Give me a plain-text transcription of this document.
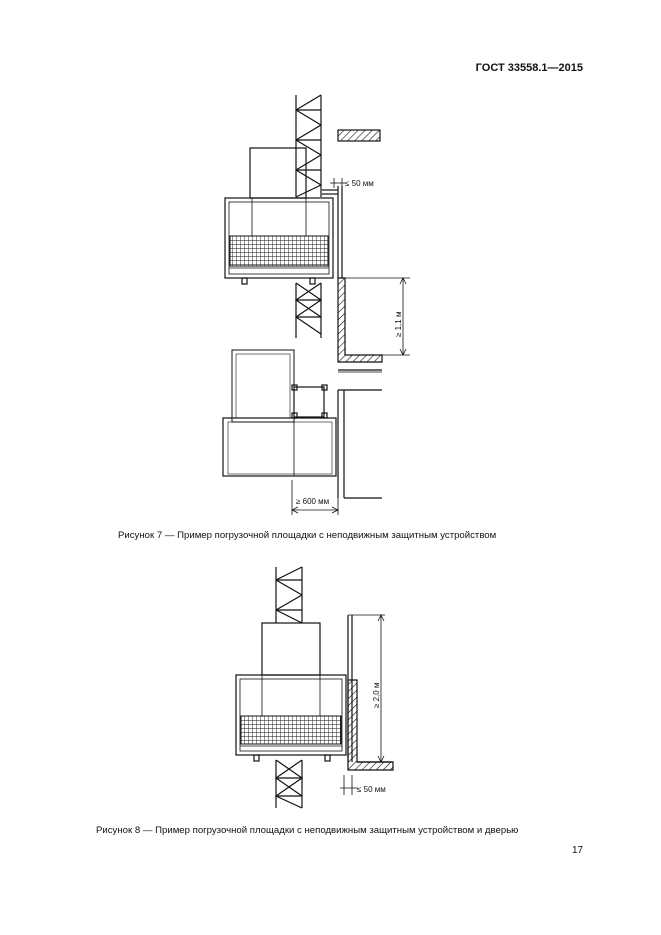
ГОСТ 33558.1—2015
≤ 50 мм
≥ 1,1 м
≥ 600 мм
≥ 2,0 м
≤ 50 мм
Рисунок 7 — Пример погрузочной площадки с неподвижным защитным устройством
Рисунок 8 — Пример погрузочной площадки с неподвижным защитным устройством и дверью
17
